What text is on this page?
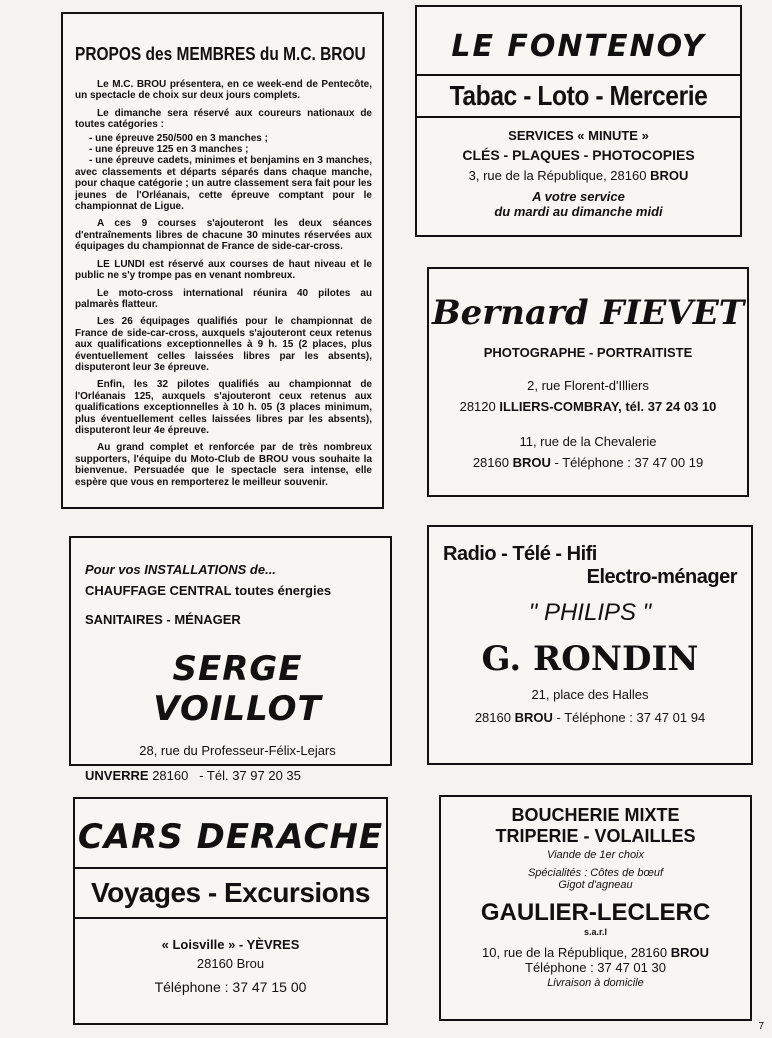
PROPOS des MEMBRES du M.C. BROU

Le M.C. BROU présentera, en ce week-end de Pentecôte, un spectacle de choix sur deux jours complets.

Le dimanche sera réservé aux coureurs nationaux de toutes catégories :

- une épreuve 250/500 en 3 manches ;

- une épreuve 125 en 3 manches ;

- une épreuve cadets, minimes et benjamins en 3 manches, avec classements et départs séparés dans chaque manche, pour chaque catégorie ; un autre classement sera fait pour les jeunes de l'Orléanais, cette épreuve comptant pour le championnat de Ligue.

A ces 9 courses s'ajouteront les deux séances d'entraînements libres de chacune 30 minutes réservées aux équipages du championnat de France de side-car-cross.

LE LUNDI est réservé aux courses de haut niveau et le public ne s'y trompe pas en venant nombreux.

Le moto-cross international réunira 40 pilotes au palmarès flatteur.

Les 26 équipages qualifiés pour le championnat de France de side-car-cross, auxquels s'ajouteront ceux retenus aux qualifications exceptionnelles à 9 h. 15 (2 places, plus éventuellement celles laissées libres par les absents), disputeront leur 3e épreuve.

Enfin, les 32 pilotes qualifiés au championnat de l'Orléanais 125, auxquels s'ajouteront ceux retenus aux qualifications exceptionnelles à 10 h. 05 (3 places minimum, plus éventuellement celles laissées libres par les absents), disputeront leur 4e épreuve.

Au grand complet et renforcée par de très nombreux supporters, l'équipe du Moto-Club de BROU vous souhaite la bienvenue. Persuadée que le spectacle sera intense, elle espère que vous en remporterez le meilleur souvenir.

LE FONTENOY
Tabac - Loto - Mercerie
SERVICES « MINUTE »
CLÉS - PLAQUES - PHOTOCOPIES
3, rue de la République, 28160 BROU
A votre service
du mardi au dimanche midi
Bernard FIEVET
PHOTOGRAPHE - PORTRAITISTE
2, rue Florent-d'Illiers
28120 ILLIERS-COMBRAY, tél. 37 24 03 10
11, rue de la Chevalerie
28160 BROU - Téléphone : 37 47 00 19
Pour vos INSTALLATIONS de...
CHAUFFAGE CENTRAL toutes énergies
SANITAIRES - MÉNAGER
SERGE VOILLOT
28, rue du Professeur-Félix-Lejars
UNVERRE 28160 - Tél. 37 97 20 35
Radio - Télé - Hifi
Electro-ménager
" PHILIPS "
G. RONDIN
21, place des Halles
28160 BROU - Téléphone : 37 47 01 94
CARS DERACHE
Voyages - Excursions
« Loisville » - YÈVRES
28160 Brou
Téléphone : 37 47 15 00
BOUCHERIE MIXTE
TRIPERIE - VOLAILLES
Viande de 1er choix
Spécialités : Côtes de bœuf
Gigot d'agneau
GAULIER-LECLERC
s.a.r.l
10, rue de la République, 28160 BROU
Téléphone : 37 47 01 30
Livraison à domicile
7
